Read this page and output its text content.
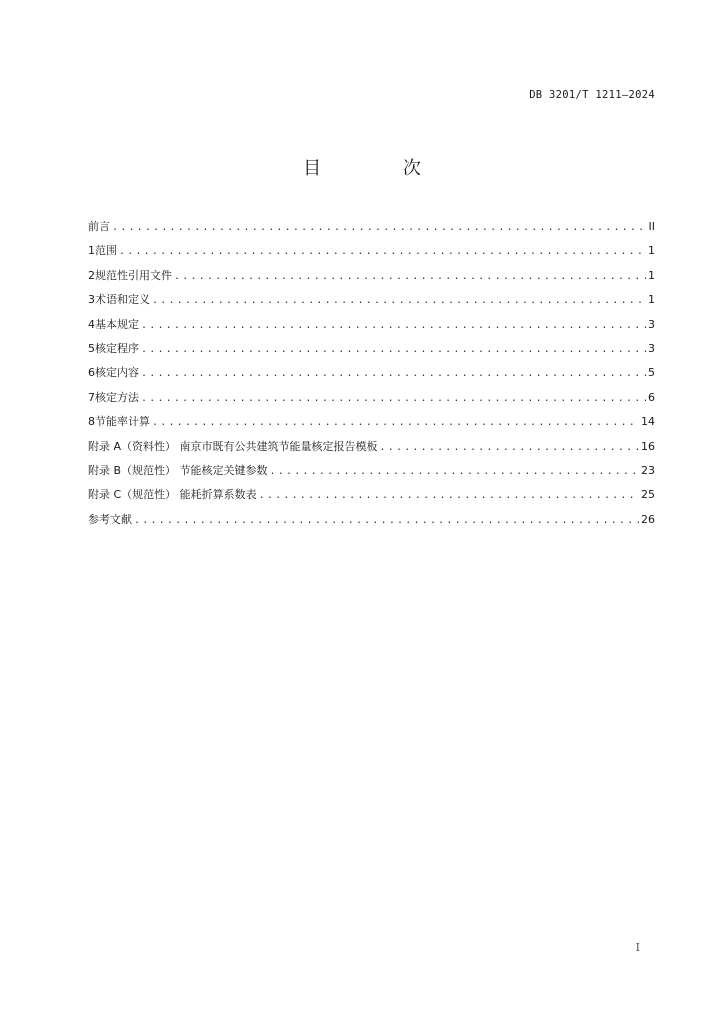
DB 3201/T 1211—2024
目 次
前言 .....	II
1 范围 .....	1
2 规范性引用文件 .....	1
3 术语和定义 .....	1
4 基本规定 .....	3
5 核定程序 .....	3
6 核定内容 .....	5
7 核定方法 .....	6
8 节能率计算 .....	14
附录 A（资料性） 南京市既有公共建筑节能量核定报告模板 .....	16
附录 B（规范性） 节能核定关键参数 .....	23
附录 C（规范性） 能耗折算系数表 .....	25
参考文献 .....	26
I
